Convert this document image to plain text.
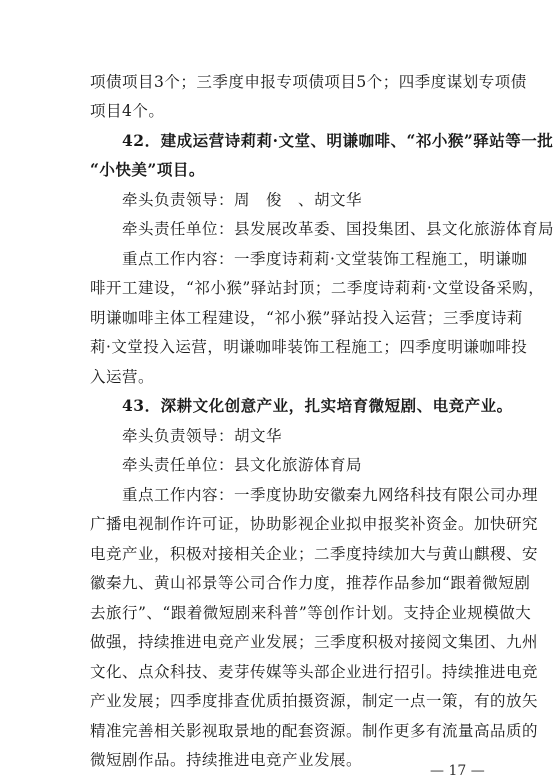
项债项目3个；三季度申报专项债项目5个；四季度谋划专项债
项目4个。
42．建成运营诗莉莉·文堂、明谦咖啡、“祁小猴”驿站等一批
“小快美”项目。
牵头负责领导：周　俊　、胡文华
牵头责任单位：县发展改革委、国投集团、县文化旅游体育局
重点工作内容：一季度诗莉莉·文堂装饰工程施工，明谦咖
啡开工建设，“祁小猴”驿站封顶；二季度诗莉莉·文堂设备采购，
明谦咖啡主体工程建设，“祁小猴”驿站投入运营；三季度诗莉
莉·文堂投入运营，明谦咖啡装饰工程施工；四季度明谦咖啡投
入运营。
43．深耕文化创意产业，扎实培育微短剧、电竞产业。
牵头负责领导：胡文华
牵头责任单位：县文化旅游体育局
重点工作内容：一季度协助安徽秦九网络科技有限公司办理
广播电视制作许可证，协助影视企业拟申报奖补资金。加快研究
电竞产业，积极对接相关企业；二季度持续加大与黄山麒稷、安
徽秦九、黄山祁景等公司合作力度，推荐作品参加“跟着微短剧
去旅行”、“跟着微短剧来科普”等创作计划。支持企业规模做大
做强，持续推进电竞产业发展；三季度积极对接阅文集团、九州
文化、点众科技、麦芽传媒等头部企业进行招引。持续推进电竞
产业发展；四季度排查优质拍摄资源，制定一点一策，有的放矢
精准完善相关影视取景地的配套资源。制作更多有流量高品质的
微短剧作品。持续推进电竞产业发展。
— 17 —
